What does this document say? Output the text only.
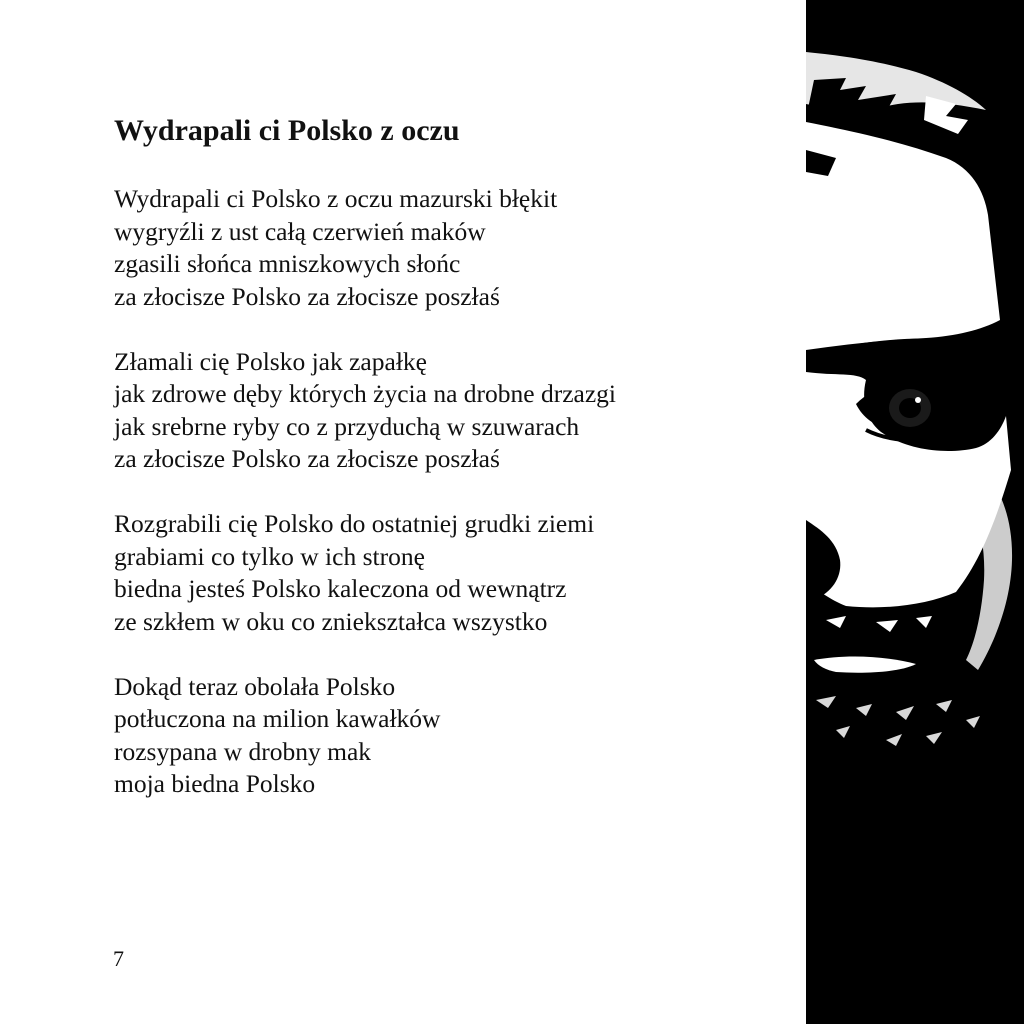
Wydrapali ci Polsko z oczu
Wydrapali ci Polsko z oczu mazurski błękit
wygryźli z ust całą czerwień maków
zgasili słońca mniszkowych słońc
za złocisze Polsko za złocisze poszłaś
Złamali cię Polsko jak zapałkę
jak zdrowe dęby których życia na drobne drzazgi
jak srebrne ryby co z przyduchą w szuwarach
za złocisze Polsko za złocisze poszłaś
Rozgrabili cię Polsko do ostatniej grudki ziemi
grabiami co tylko w ich stronę
biedna jesteś Polsko kaleczona od wewnątrz
ze szkłem w oku co zniekształca wszystko
Dokąd teraz obolała Polsko
potłuczona na milion kawałków
rozsypana w drobny mak
moja biedna Polsko
7
